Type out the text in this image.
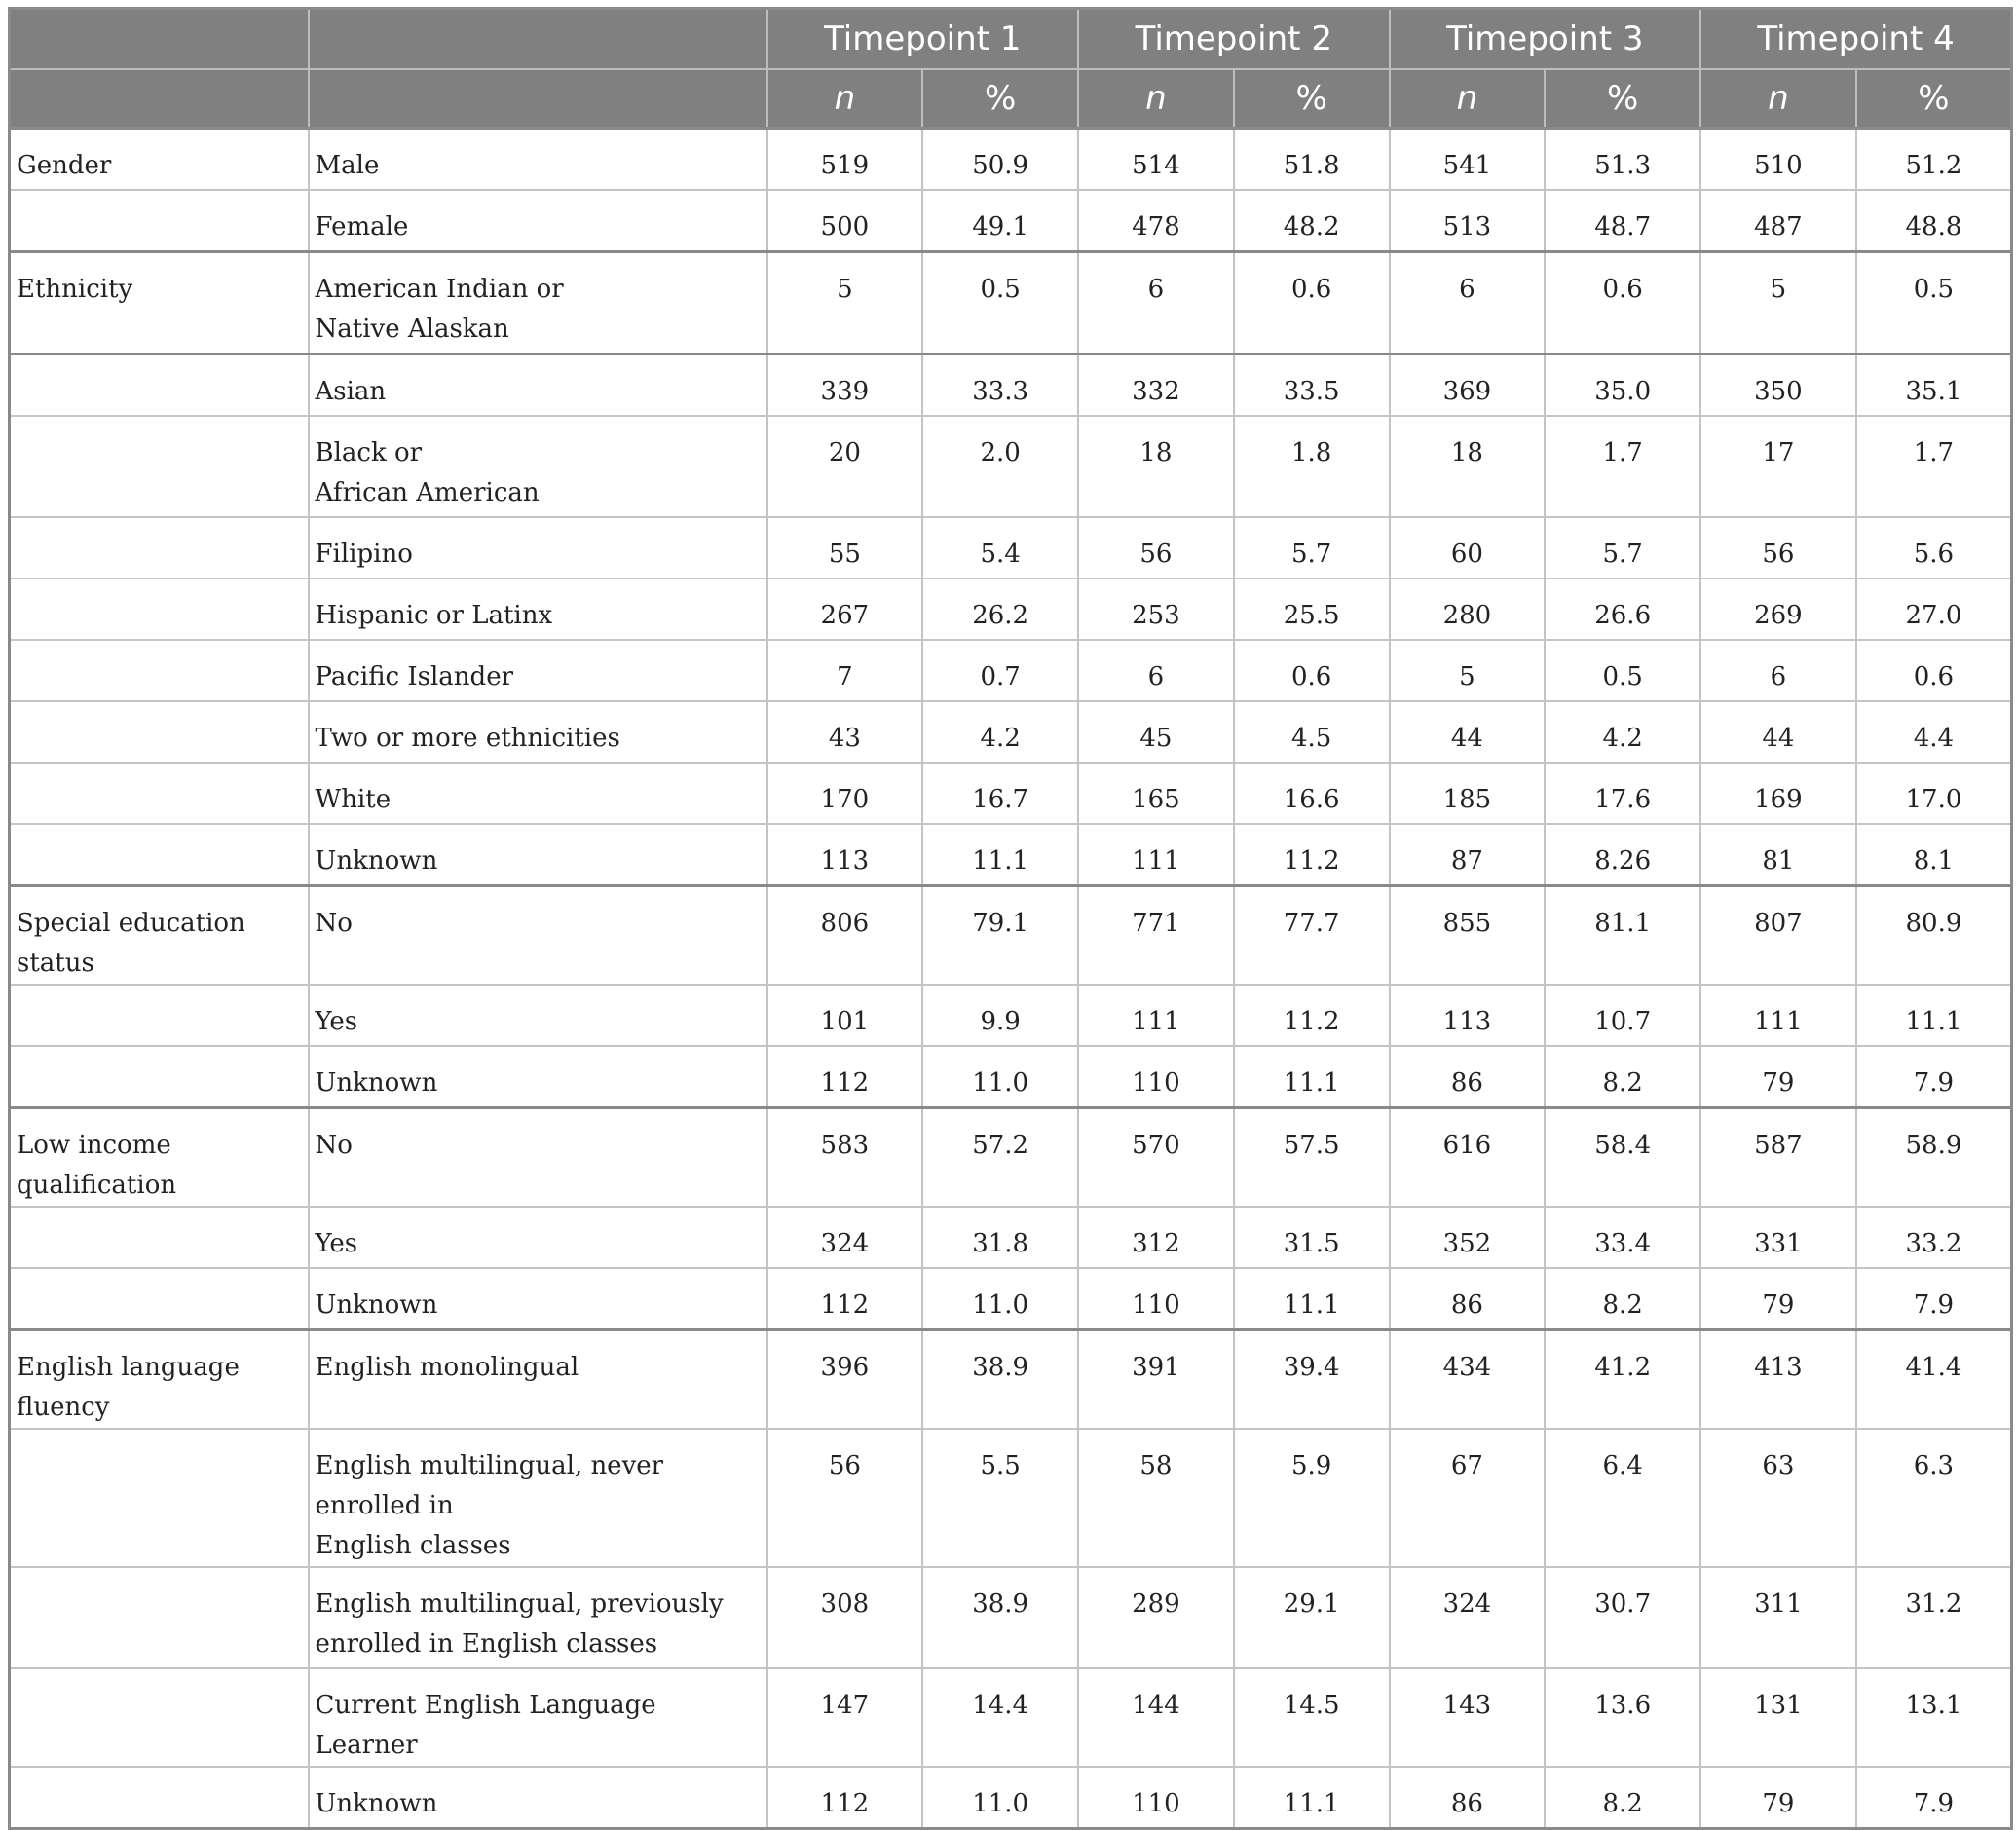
		Timepoint 1		Timepoint 2		Timepoint 3		Timepoint 4	
		n	%	n	%	n	%	n	%
Gender	Male	519	50.9	514	51.8	541	51.3	510	51.2
	Female	500	49.1	478	48.2	513	48.7	487	48.8
Ethnicity	American Indian or
Native Alaskan	5	0.5	6	0.6	6	0.6	5	0.5
	Asian	339	33.3	332	33.5	369	35.0	350	35.1
	Black or
African American	20	2.0	18	1.8	18	1.7	17	1.7
	Filipino	55	5.4	56	5.7	60	5.7	56	5.6
	Hispanic or Latinx	267	26.2	253	25.5	280	26.6	269	27.0
	Pacific Islander	7	0.7	6	0.6	5	0.5	6	0.6
	Two or more ethnicities	43	4.2	45	4.5	44	4.2	44	4.4
	White	170	16.7	165	16.6	185	17.6	169	17.0
	Unknown	113	11.1	111	11.2	87	8.26	81	8.1
Special education status	No	806	79.1	771	77.7	855	81.1	807	80.9
	Yes	101	9.9	111	11.2	113	10.7	111	11.1
	Unknown	112	11.0	110	11.1	86	8.2	79	7.9
Low income qualification	No	583	57.2	570	57.5	616	58.4	587	58.9
	Yes	324	31.8	312	31.5	352	33.4	331	33.2
	Unknown	112	11.0	110	11.1	86	8.2	79	7.9
English language fluency	English monolingual	396	38.9	391	39.4	434	41.2	413	41.4
	English multilingual, never enrolled in
English classes	56	5.5	58	5.9	67	6.4	63	6.3
	English multilingual, previously
enrolled in English classes	308	38.9	289	29.1	324	30.7	311	31.2
	Current English Language Learner	147	14.4	144	14.5	143	13.6	131	13.1
	Unknown	112	11.0	110	11.1	86	8.2	79	7.9
